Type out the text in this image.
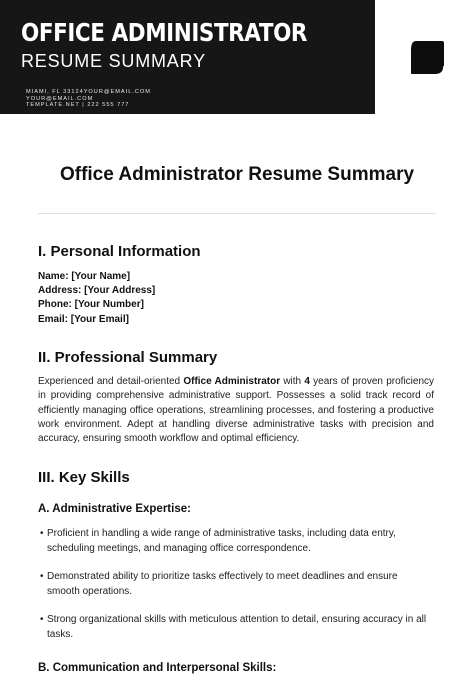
OFFICE ADMINISTRATOR
RESUME SUMMARY
MIAMI, FL 33124YOUR@EMAIL.COM
YOUR@EMAIL.COM
TEMPLATE.NET | 222 555 777
Office Administrator Resume Summary
I. Personal Information
Name: [Your Name]
Address: [Your Address]
Phone: [Your Number]
Email: [Your Email]
II. Professional Summary
Experienced and detail-oriented Office Administrator with 4 years of proven proficiency in providing comprehensive administrative support. Possesses a solid track record of efficiently managing office operations, streamlining processes, and fostering a productive work environment. Adept at handling diverse administrative tasks with precision and accuracy, ensuring smooth workflow and optimal efficiency.
III. Key Skills
A. Administrative Expertise:
• Proficient in handling a wide range of administrative tasks, including data entry, scheduling meetings, and managing office correspondence.
• Demonstrated ability to prioritize tasks effectively to meet deadlines and ensure smooth operations.
• Strong organizational skills with meticulous attention to detail, ensuring accuracy in all tasks.
B. Communication and Interpersonal Skills:
